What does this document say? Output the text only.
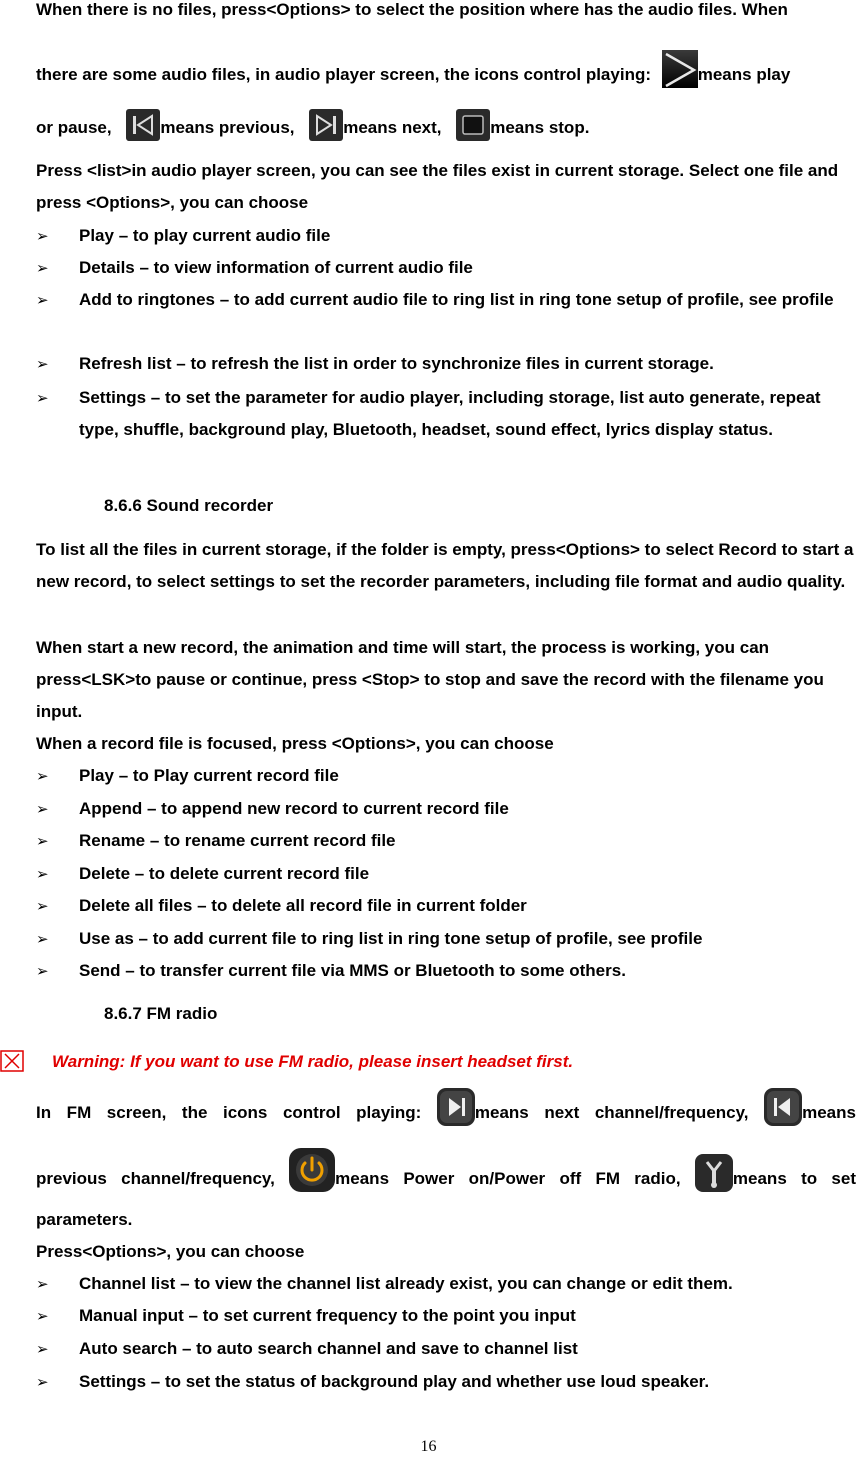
When there is no files, press<Options> to select the position where has the audio files. When
there are some audio files, in audio player screen, the icons control playing:	means play
or pause,	means previous,	means next,	means stop.
Press <list>in audio player screen, you can see the files exist in current storage. Select one file and press <Options>, you can choose
➢	Play – to play current audio file
➢	Details – to view information of current audio file
➢	Add to ringtones – to add current audio file to ring list in ring tone setup of profile, see profile
➢	Refresh list – to refresh the list in order to synchronize files in current storage.
➢	Settings – to set the parameter for audio player, including storage, list auto generate, repeat type, shuffle, background play, Bluetooth, headset, sound effect, lyrics display status.
8.6.6 Sound recorder
To list all the files in current storage, if the folder is empty, press<Options> to select Record to start a new record, to select settings to set the recorder parameters, including file format and audio quality.
When start a new record, the animation and time will start, the process is working, you can press<LSK>to pause or continue, press <Stop> to stop and save the record with the filename you input.
When a record file is focused, press <Options>, you can choose
➢	Play – to Play current record file
➢	Append – to append new record to current record file
➢	Rename – to rename current record file
➢	Delete – to delete current record file
➢	Delete all files – to delete all record file in current folder
➢	Use as – to add current file to ring list in ring tone setup of profile, see profile
➢	Send – to transfer current file via MMS or Bluetooth to some others.
8.6.7 FM radio
Warning: If you want to use FM radio, please insert headset first.
In FM screen, the icons control playing:	means next channel/frequency,	means
previous channel/frequency,	means Power on/Power off FM radio,	means to set
parameters.
Press<Options>, you can choose
➢	Channel list – to view the channel list already exist, you can change or edit them.
➢	Manual input – to set current frequency to the point you input
➢	Auto search – to auto search channel and save to channel list
➢	Settings – to set the status of background play and whether use loud speaker.
16
